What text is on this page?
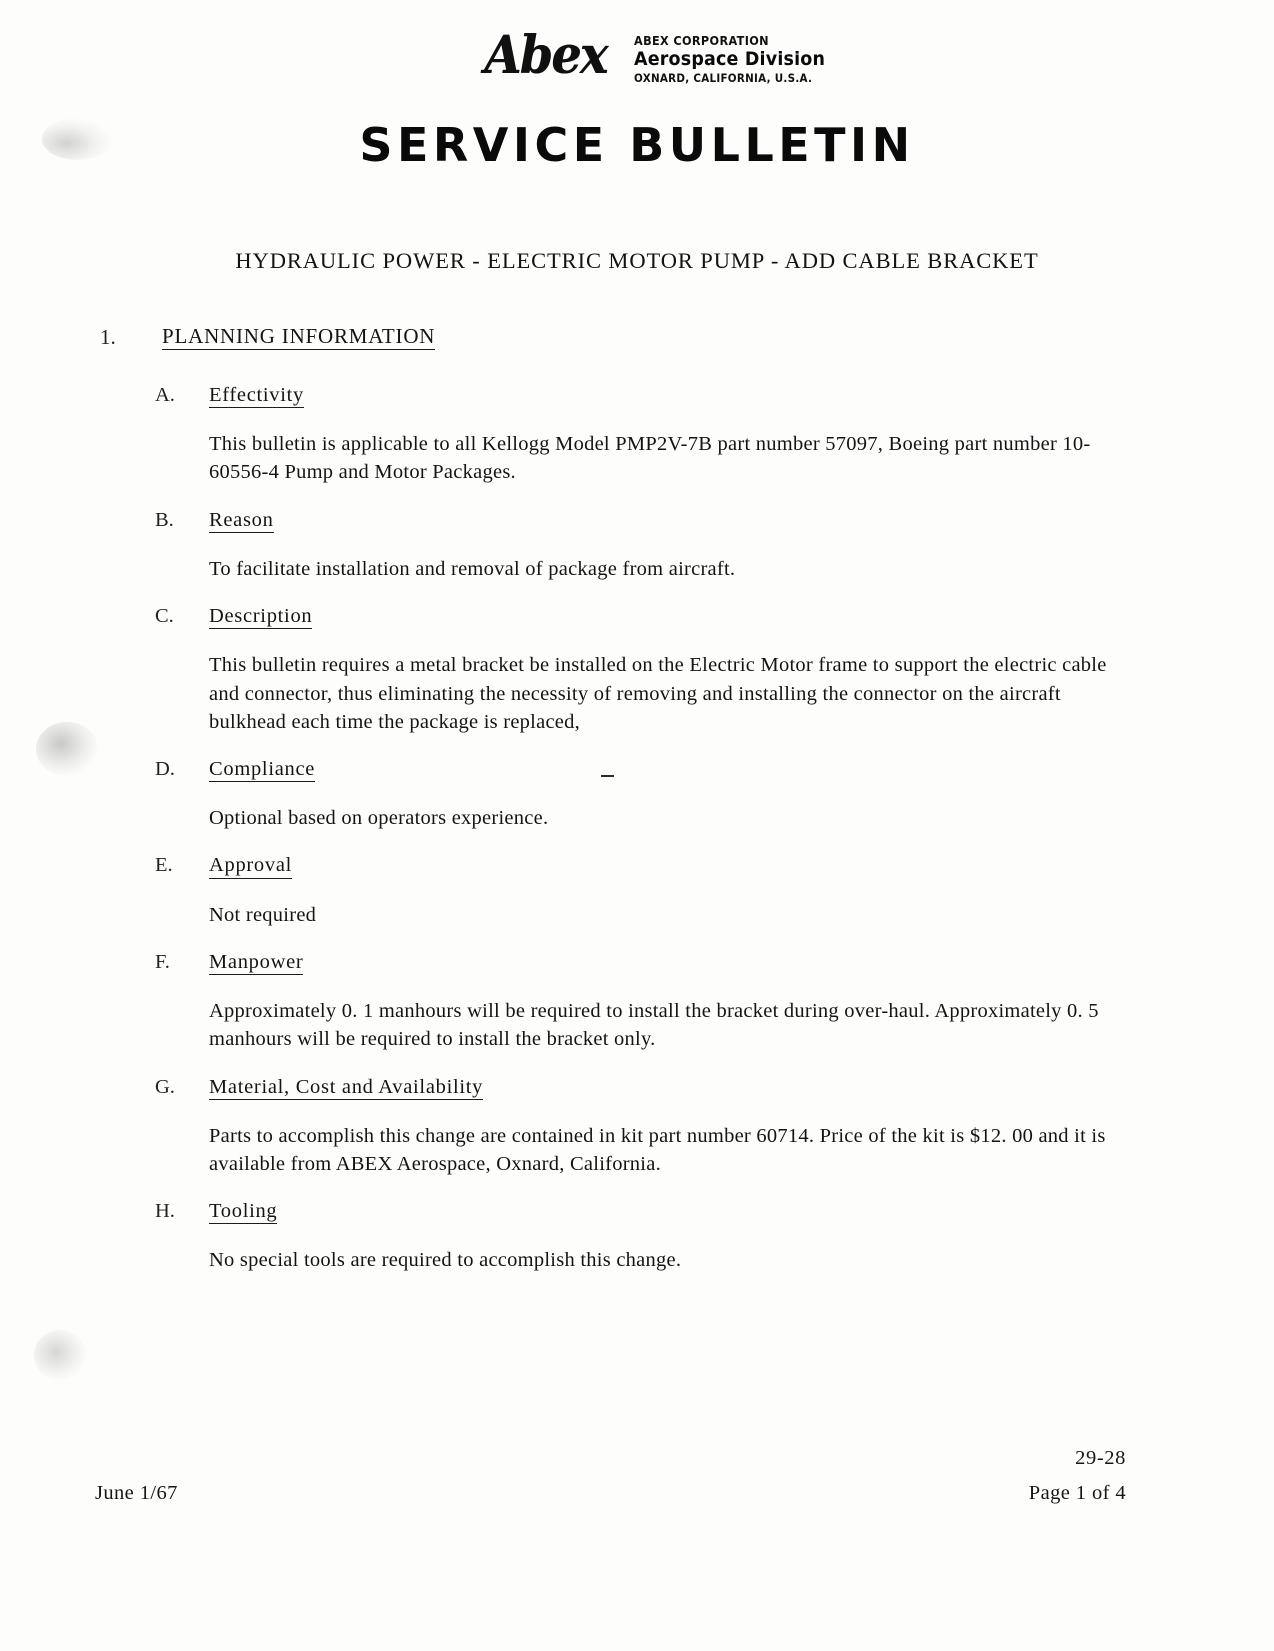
Abex ABEX CORPORATION
Aerospace Division
OXNARD, CALIFORNIA, U.S.A.
SERVICE BULLETIN
HYDRAULIC POWER - ELECTRIC MOTOR PUMP - ADD CABLE BRACKET
1.	PLANNING INFORMATION
A.	Effectivity

This bulletin is applicable to all Kellogg Model PMP2V-7B part number 57097, Boeing part number 10-60556-4 Pump and Motor Packages.

B.	Reason

To facilitate installation and removal of package from aircraft.

C.	Description

This bulletin requires a metal bracket be installed on the Electric Motor frame to support the electric cable and connector, thus eliminating the necessity of removing and installing the connector on the aircraft bulkhead each time the package is replaced,

D.	Compliance

Optional based on operators experience.

E.	Approval

Not required

F.	Manpower

Approximately 0. 1 manhours will be required to install the bracket during over-haul. Approximately 0. 5 manhours will be required to install the bracket only.

G.	Material, Cost and Availability

Parts to accomplish this change are contained in kit part number 60714. Price of the kit is $12. 00 and it is available from ABEX Aerospace, Oxnard, California.

H.	Tooling

No special tools are required to accomplish this change.

29-28
June 1/67	Page 1 of 4
